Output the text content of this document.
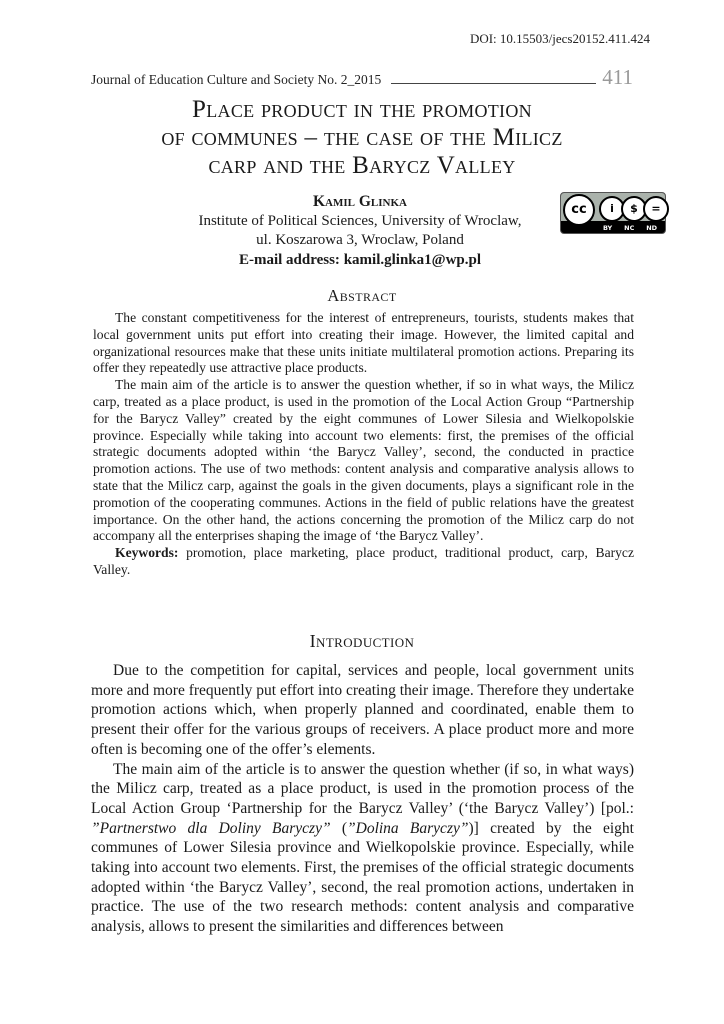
DOI: 10.15503/jecs20152.411.424
Journal of Education Culture and Society No. 2_2015	411
Place product in the promotion
of communes – the case of the Milicz
carp and the Barycz Valley
Kamil Glinka
Institute of Political Sciences, University of Wroclaw,
ul. Koszarowa 3, Wroclaw, Poland
E-mail address: kamil.glinka1@wp.pl
cc	i	$	=
BY NC ND
Abstract

The constant competitiveness for the interest of entrepreneurs, tourists, students makes that local government units put effort into creating their image. However, the limited capital and organizational resources make that these units initiate multilateral promotion actions. Preparing its offer they repeatedly use attractive place products.

The main aim of the article is to answer the question whether, if so in what ways, the Milicz carp, treated as a place product, is used in the promotion of the Local Action Group “Partnership for the Barycz Valley” created by the eight communes of Lower Silesia and Wielkopolskie province. Especially while taking into account two elements: first, the premises of the official strategic documents adopted within ‘the Barycz Valley’, second, the conducted in practice promotion actions. The use of two methods: content analysis and comparative analysis allows to state that the Milicz carp, against the goals in the given documents, plays a significant role in the promotion of the cooperating communes. Actions in the field of public relations have the greatest importance. On the other hand, the actions concerning the promotion of the Milicz carp do not accompany all the enterprises shaping the image of ‘the Barycz Valley’.

Keywords: promotion, place marketing, place product, traditional product, carp, Barycz Valley.

Introduction

Due to the competition for capital, services and people, local government units more and more frequently put effort into creating their image. Therefore they undertake promotion actions which, when properly planned and coordinated, enable them to present their offer for the various groups of receivers. A place product more and more often is becoming one of the offer’s elements.

The main aim of the article is to answer the question whether (if so, in what ways) the Milicz carp, treated as a place product, is used in the promotion process of the Local Action Group ‘Partnership for the Barycz Valley’ (‘the Barycz Valley’) [pol.: ”Partnerstwo dla Doliny Baryczy” (”Dolina Baryczy”)] created by the eight communes of Lower Silesia province and Wielkopolskie province. Especially, while taking into account two elements. First, the premises of the official strategic documents adopted within ‘the Barycz Valley’, second, the real promotion actions, undertaken in practice. The use of the two research methods: content analysis and comparative analysis, allows to present the similarities and differences between
